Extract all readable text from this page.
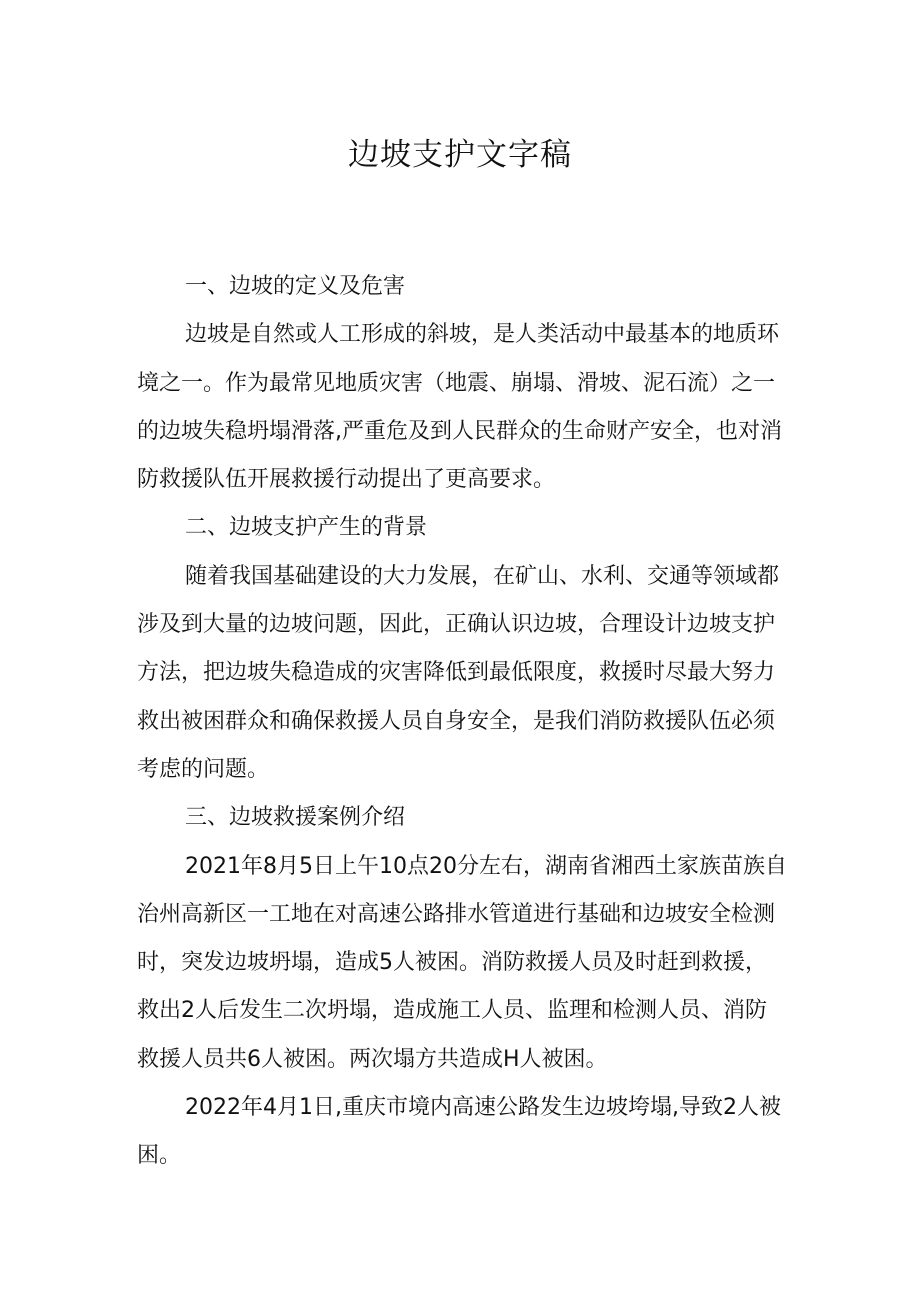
边坡支护文字稿

一、边坡的定义及危害

边坡是自然或人工形成的斜坡，是人类活动中最基本的地质环境之一。作为最常见地质灾害（地震、崩塌、滑坡、泥石流）之一的边坡失稳坍塌滑落,严重危及到人民群众的生命财产安全，也对消防救援队伍开展救援行动提出了更高要求。

二、边坡支护产生的背景

随着我国基础建设的大力发展，在矿山、水利、交通等领域都涉及到大量的边坡问题，因此，正确认识边坡，合理设计边坡支护方法，把边坡失稳造成的灾害降低到最低限度，救援时尽最大努力救出被困群众和确保救援人员自身安全，是我们消防救援队伍必须考虑的问题。

三、边坡救援案例介绍

2021年8月5日上午10点20分左右，湖南省湘西土家族苗族自治州高新区一工地在对高速公路排水管道进行基础和边坡安全检测时，突发边坡坍塌，造成5人被困。消防救援人员及时赶到救援，救出2人后发生二次坍塌，造成施工人员、监理和检测人员、消防救援人员共6人被困。两次塌方共造成H人被困。

2022年4月1日,重庆市境内高速公路发生边坡垮塌,导致2人被困。
